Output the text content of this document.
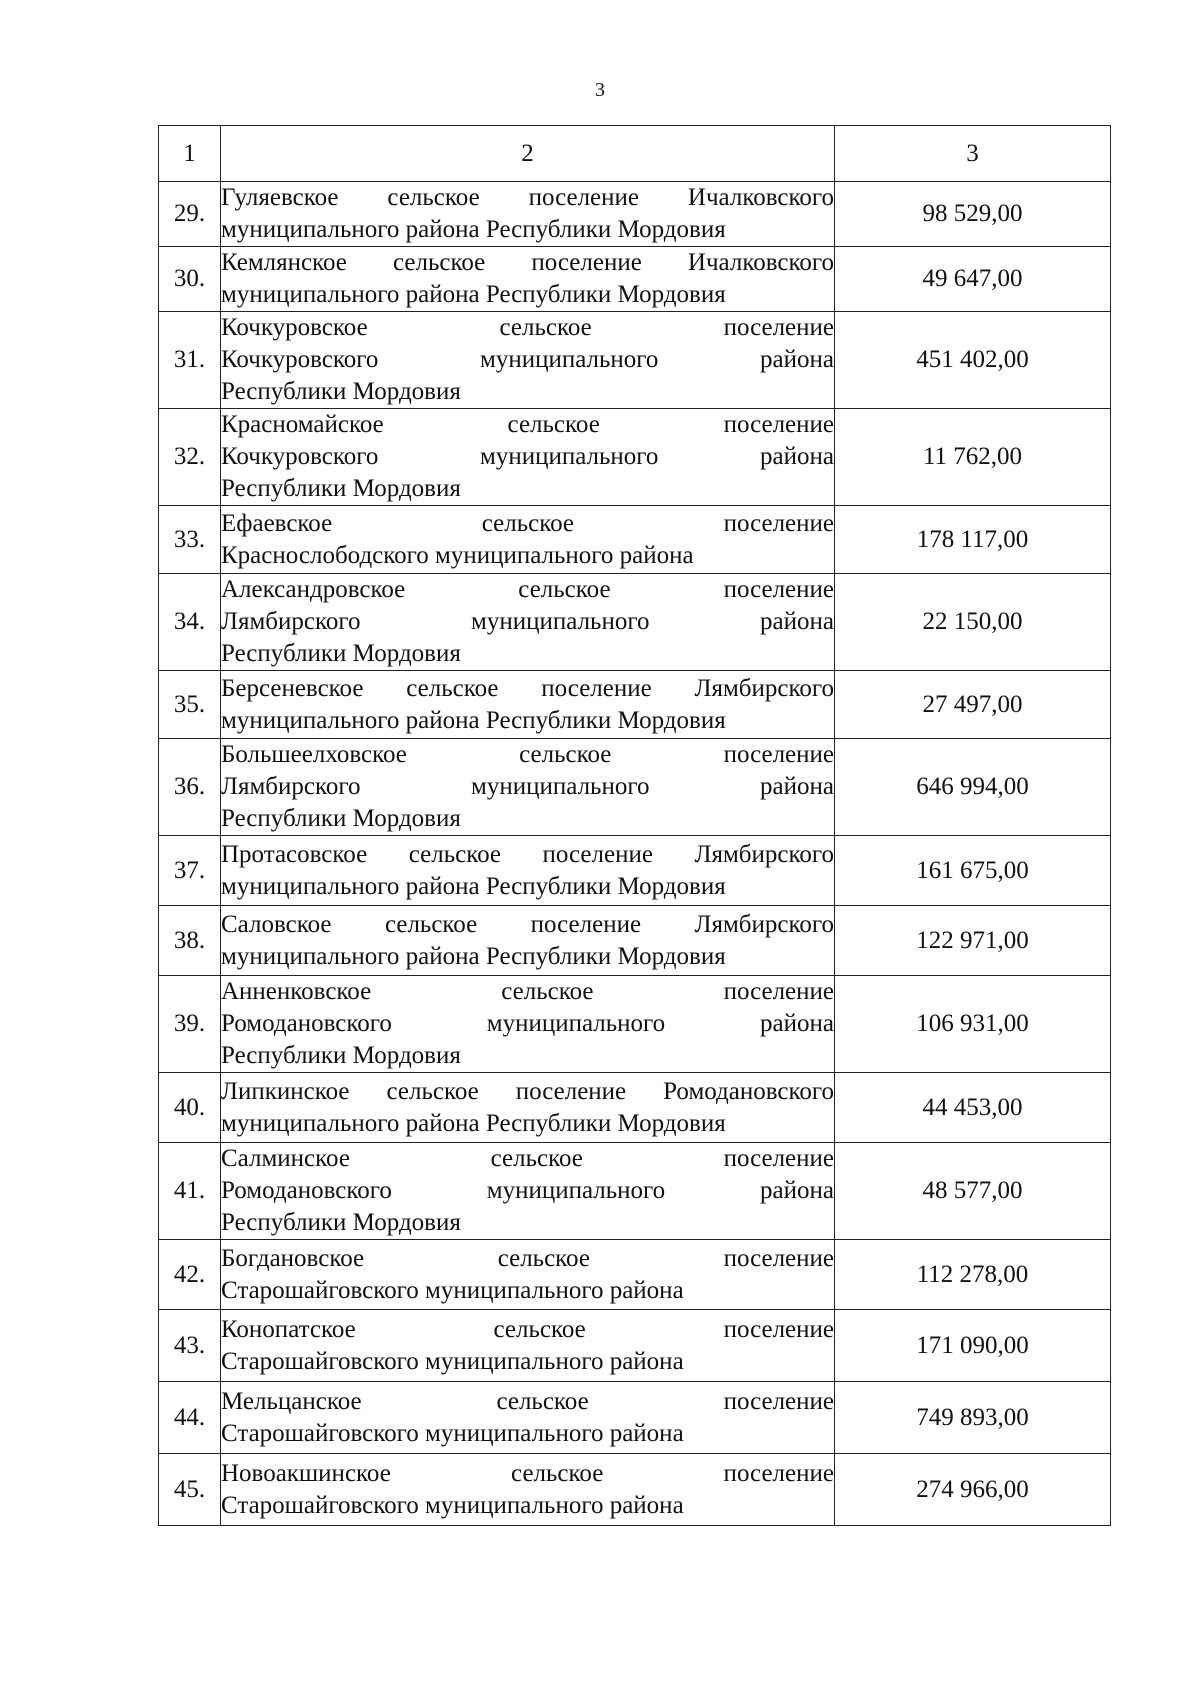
3
1	2	3
29.	Гуляевское сельское поселение Ичалковского
муниципального района Республики Мордовия	98 529,00
30.	Кемлянское сельское поселение Ичалковского
муниципального района Республики Мордовия	49 647,00
31.	Кочкуровское сельское поселение
Кочкуровского муниципального района
Республики Мордовия	451 402,00
32.	Красномайское сельское поселение
Кочкуровского муниципального района
Республики Мордовия	11 762,00
33.	Ефаевское сельское поселение
Краснослободского муниципального района	178 117,00
34.	Александровское сельское поселение
Лямбирского муниципального района
Республики Мордовия	22 150,00
35.	Берсеневское сельское поселение Лямбирского
муниципального района Республики Мордовия	27 497,00
36.	Большеелховское сельское поселение
Лямбирского муниципального района
Республики Мордовия	646 994,00
37.	Протасовское сельское поселение Лямбирского
муниципального района Республики Мордовия	161 675,00
38.	Саловское сельское поселение Лямбирского
муниципального района Республики Мордовия	122 971,00
39.	Анненковское сельское поселение
Ромодановского муниципального района
Республики Мордовия	106 931,00
40.	Липкинское сельское поселение Ромодановского
муниципального района Республики Мордовия	44 453,00
41.	Салминское сельское поселение
Ромодановского муниципального района
Республики Мордовия	48 577,00
42.	Богдановское сельское поселение
Старошайговского муниципального района	112 278,00
43.	Конопатское сельское поселение
Старошайговского муниципального района	171 090,00
44.	Мельцанское сельское поселение
Старошайговского муниципального района	749 893,00
45.	Новоакшинское сельское поселение
Старошайговского муниципального района	274 966,00
